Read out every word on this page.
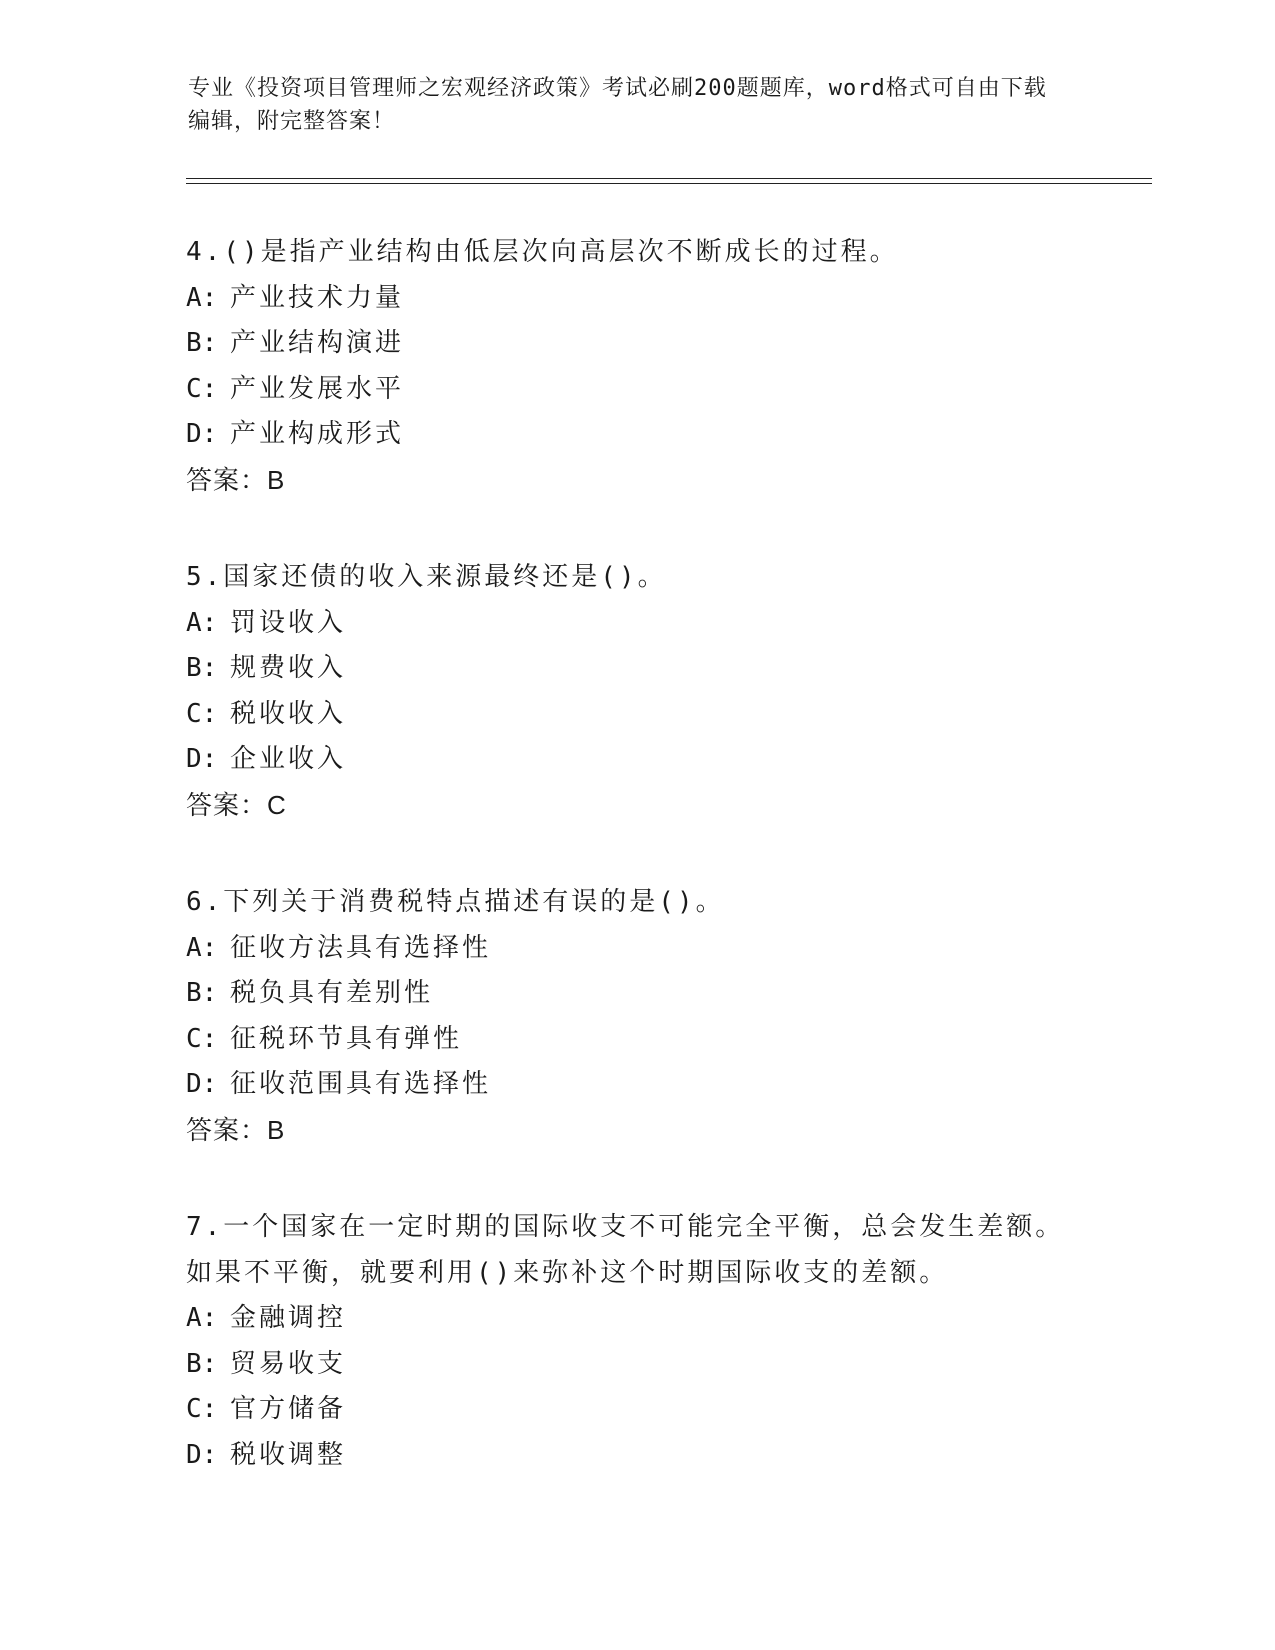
专业《投资项目管理师之宏观经济政策》考试必刷200题题库，word格式可自由下载编辑，附完整答案！

4.()是指产业结构由低层次向高层次不断成长的过程。

A: 产业技术力量

B: 产业结构演进

C: 产业发展水平

D: 产业构成形式

答案：B

5.国家还债的收入来源最终还是()。

A: 罚设收入

B: 规费收入

C: 税收收入

D: 企业收入

答案：C

6.下列关于消费税特点描述有误的是()。

A: 征收方法具有选择性

B: 税负具有差别性

C: 征税环节具有弹性

D: 征收范围具有选择性

答案：B

7.一个国家在一定时期的国际收支不可能完全平衡，总会发生差额。
如果不平衡，就要利用()来弥补这个时期国际收支的差额。

A: 金融调控

B: 贸易收支

C: 官方储备

D: 税收调整
